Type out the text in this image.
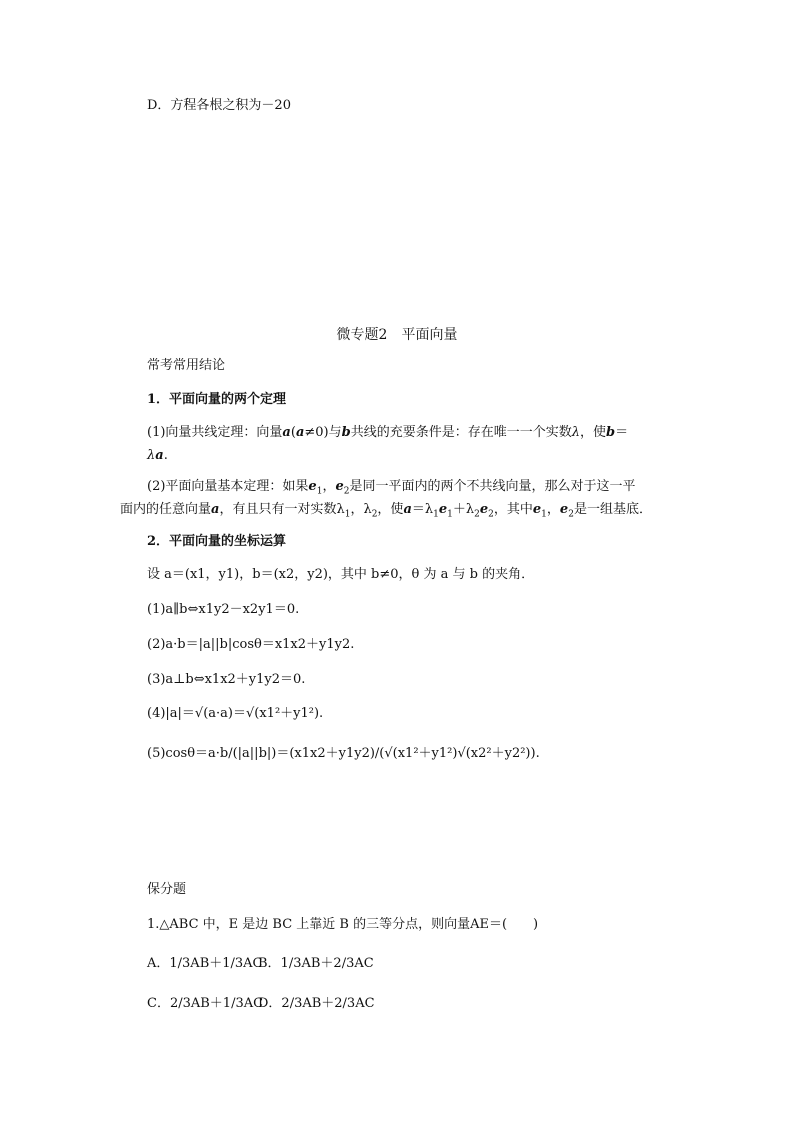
D．方程各根之积为－20
微专题2　平面向量
常考常用结论
1．平面向量的两个定理
(1)向量共线定理：向量a(a≠0)与b共线的充要条件是：存在唯一一个实数λ，使b＝
λa.
(2)平面向量基本定理：如果$e_1$，$e_2$是同一平面内的两个不共线向量，那么对于这一平
面内的任意向量a，有且只有一对实数$\lambda_1$，$\lambda_2$，使$a=\lambda_1e_1+\lambda_2e_2$，其中$e_1$，$e_2$是一组基底．
2．平面向量的坐标运算
设 a＝(x1，y1)，b＝(x2，y2)，其中 b≠0，θ 为 a 与 b 的夹角．
(1)a∥b⇔x1y2－x2y1＝0.
(2)a·b＝|a||b|cosθ＝x1x2＋y1y2.
(3)a⊥b⇔x1x2＋y1y2＝0.
(4)|a|＝√(a·a)＝√(x1²＋y1²).
(5)cosθ＝a·b/(|a||b|)＝(x1x2＋y1y2)/(√(x1²＋y1²)√(x2²＋y2²)).
保分题
1.△ABC 中，E 是边 BC 上靠近 B 的三等分点，则向量AE＝(　　)
A．1/3AB＋1/3AC
B．1/3AB＋2/3AC
C．2/3AB＋1/3AC
D．2/3AB＋2/3AC
